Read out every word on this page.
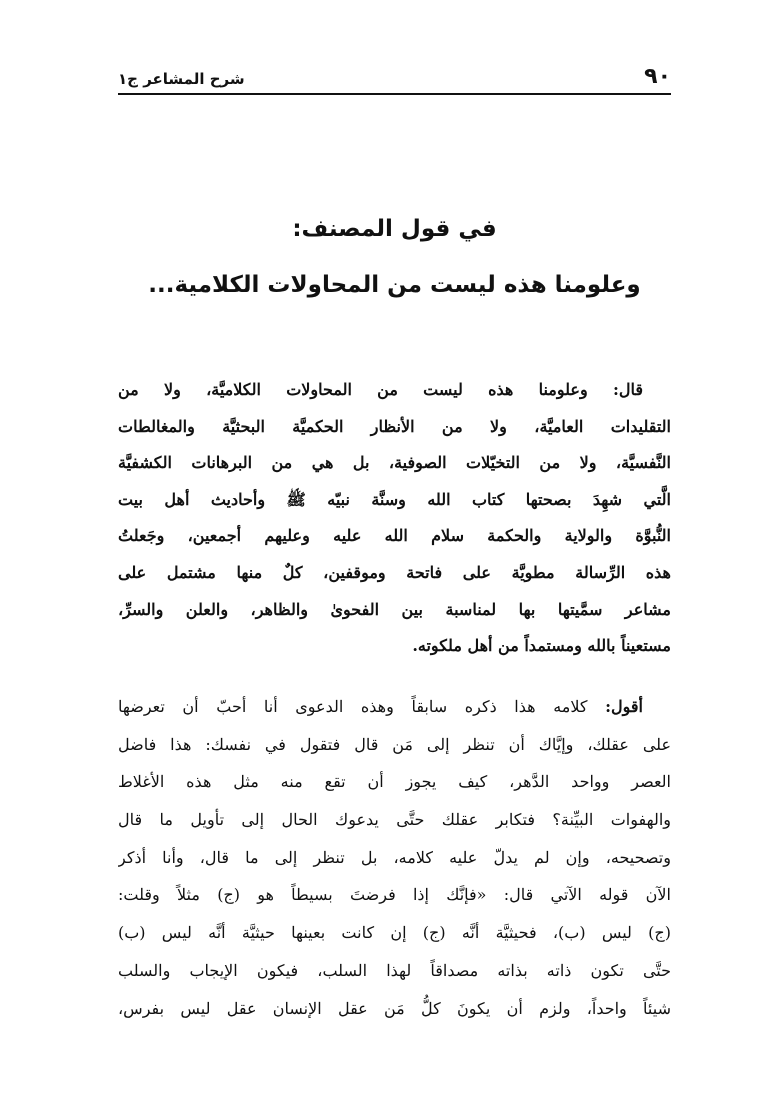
٩٠
شرح المشاعر ج١
في قول المصنف:
وعلومنا هذه ليست من المحاولات الكلامية...
قال: وعلومنا هذه ليست من المحاولات الكلاميَّة، ولا من
التقليدات العاميَّة، ولا من الأنظار الحكميَّة البحثيَّة والمغالطات
النَّفسيَّة، ولا من التخيّلات الصوفية، بل هي من البرهانات الكشفيَّة
الَّتي شهِدَ بصحتها كتاب الله وسنَّة نبيّه ﷺ وأحاديث أهل بيت
النُّبوَّة والولاية والحكمة سلام الله عليه وعليهم أجمعين، وجَعلتُ
هذه الرِّسالة مطويَّة على فاتحة وموقفين، كلٌ منها مشتمل على
مشاعر سمَّيتها بها لمناسبة بين الفحوىٰ والظاهر، والعلن والسرِّ،
مستعيناً بالله ومستمداً من أهل ملكوته.
أقول: كلامه هذا ذكره سابقاً وهذه الدعوى أنا أحبّ أن تعرضها
على عقلك، وإيَّاك أن تنظر إلى مَن قال فتقول في نفسك: هذا فاضل
العصر وواحد الدَّهر، كيف يجوز أن تقع منه مثل هذه الأغلاط
والهفوات البيِّنة؟ فتكابر عقلك حتَّى يدعوك الحال إلى تأويل ما قال
وتصحيحه، وإن لم يدلّ عليه كلامه، بل تنظر إلى ما قال، وأنا أذكر
الآن قوله الآتي قال: «فإنَّك إذا فرضتَ بسيطاً هو (ج) مثلاً وقلت:
(ج) ليس (ب)، فحيثيَّة أنَّه (ج) إن كانت بعينها حيثيَّة أنَّه ليس (ب)
حتَّى تكون ذاته بذاته مصداقاً لهذا السلب، فيكون الإيجاب والسلب
شيئاً واحداً، ولزم أن يكونَ كلُّ مَن عقل الإنسان عقل ليس بفرس،
